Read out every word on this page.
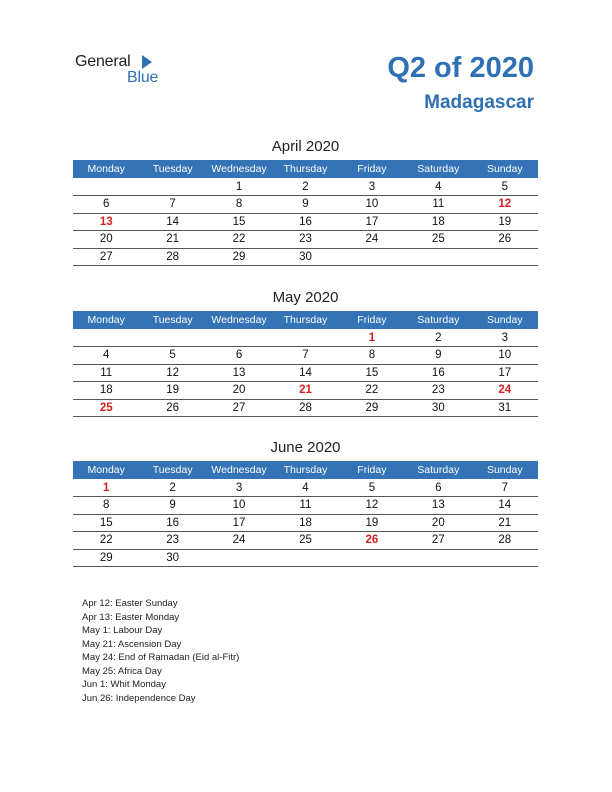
General
Blue	Q2 of 2020
Madagascar
April 2020
Monday	Tuesday	Wednesday	Thursday	Friday	Saturday	Sunday
		1	2	3	4	5
6	7	8	9	10	11	12
13	14	15	16	17	18	19
20	21	22	23	24	25	26
27	28	29	30			
May 2020
Monday	Tuesday	Wednesday	Thursday	Friday	Saturday	Sunday
				1	2	3
4	5	6	7	8	9	10
11	12	13	14	15	16	17
18	19	20	21	22	23	24
25	26	27	28	29	30	31
June 2020
Monday	Tuesday	Wednesday	Thursday	Friday	Saturday	Sunday
1	2	3	4	5	6	7
8	9	10	11	12	13	14
15	16	17	18	19	20	21
22	23	24	25	26	27	28
29	30					
Apr 12: Easter Sunday
Apr 13: Easter Monday
May 1: Labour Day
May 21: Ascension Day
May 24: End of Ramadan (Eid al-Fitr)
May 25: Africa Day
Jun 1: Whit Monday
Jun 26: Independence Day
